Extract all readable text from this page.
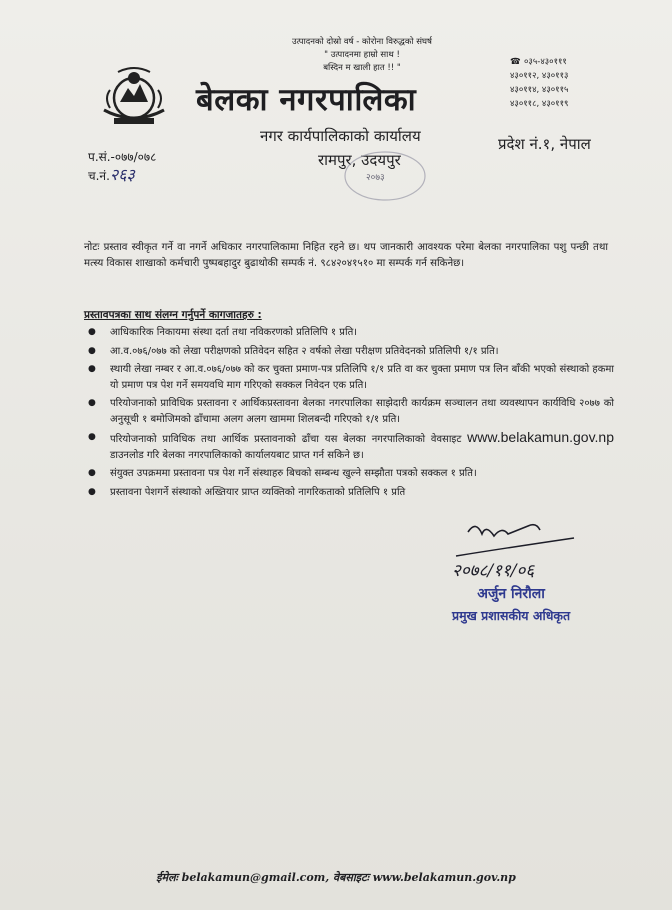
उत्पादनको दोस्रो वर्ष - कोरोना विरुद्धको संघर्ष
" उत्पादनमा हाम्रो साथ !
बस्दिन म खाली हात !! "
बेलका नगरपालिका
नगर कार्यपालिकाको कार्यालय
रामपुर, उदयपुर
☎ ०३५-४३०१११
४३०११२, ४३०११३
४३०११४, ४३०११५
४३०११८, ४३०११९
प्रदेश नं.१, नेपाल
प.सं.-०७७/०७८
च.नं.२६३	२०७३
नोटः प्रस्ताव स्वीकृत गर्ने वा नगर्ने अधिकार नगरपालिकामा निहित रहने छ। थप जानकारी आवश्यक परेमा बेलका नगरपालिका पशु पन्छी तथा मत्स्य विकास शाखाको कर्मचारी पुष्पबहादुर बुढाथोकी सम्पर्क नं. ९८४२०४१५१० मा सम्पर्क गर्न सकिनेछ।
प्रस्तावपत्रका साथ संलग्न गर्नुपर्ने कागजातहरु :
● आधिकारिक निकायमा संस्था दर्ता तथा नविकरणको प्रतिलिपि १ प्रति।
● आ.व.०७६/०७७ को लेखा परीक्षणको प्रतिवेदन सहित २ वर्षको लेखा परीक्षण प्रतिवेदनको प्रतिलिपी १/१ प्रति।
● स्थायी लेखा नम्बर र आ.व.०७६/०७७ को कर चुक्ता प्रमाण-पत्र प्रतिलिपि १/१ प्रति वा कर चुक्ता प्रमाण पत्र लिन बाँकी भएको संस्थाको हकमा यो प्रमाण पत्र पेश गर्ने समयवधि माग गरिएको सक्कल निवेदन एक प्रति।
● परियोजनाको प्राविधिक प्रस्तावना र आर्थिकप्रस्तावना बेलका नगरपालिका साझेदारी कार्यक्रम सञ्चालन तथा व्यवस्थापन कार्यविधि २०७७ को अनुसूची १ बमोजिमको ढाँचामा अलग अलग खाममा शिलबन्दी गरिएको १/१ प्रति।
● परियोजनाको प्राविधिक तथा आर्थिक प्रस्तावनाको ढाँचा यस बेलका नगरपालिकाको वेवसाइट www.belakamun.gov.np डाउनलोड गरि बेलका नगरपालिकाको कार्यालयबाट प्राप्त गर्न सकिने छ।
● संयुक्त उपक्रममा प्रस्तावना पत्र पेश गर्ने संस्थाहरु बिचको सम्बन्ध खुल्ने सम्झौता पत्रको सक्कल १ प्रति।
● प्रस्तावना पेशगर्ने संस्थाको अख्तियार प्राप्त व्यक्तिको नागरिकताको प्रतिलिपि १ प्रति
२०७८/११/०६
अर्जुन निरौला
प्रमुख प्रशासकीय अधिकृत
ईमेलः belakamun@gmail.com, वेबसाइटः www.belakamun.gov.np
